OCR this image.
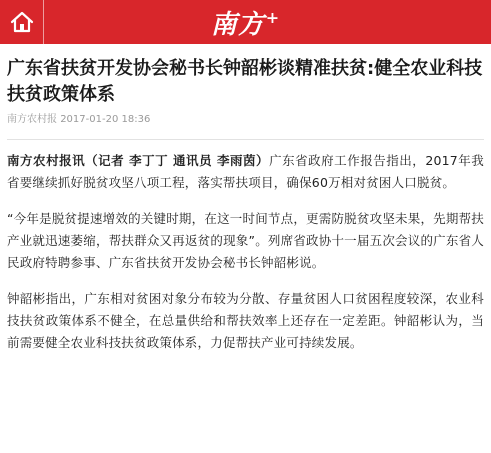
南方+
广东省扶贫开发协会秘书长钟韶彬谈精准扶贫:健全农业科技扶贫政策体系
南方农村报 2017-01-20 18:36

南方农村报讯（记者 李丁丁 通讯员 李雨茵）广东省政府工作报告指出，2017年我省要继续抓好脱贫攻坚八项工程，落实帮扶项目，确保60万相对贫困人口脱贫。

“今年是脱贫提速增效的关键时期，在这一时间节点，更需防脱贫攻坚未果，先期帮扶产业就迅速萎缩，帮扶群众又再返贫的现象”。列席省政协十一届五次会议的广东省人民政府特聘参事、广东省扶贫开发协会秘书长钟韶彬说。

钟韶彬指出，广东相对贫困对象分布较为分散、存量贫困人口贫困程度较深，农业科技扶贫政策体系不健全，在总量供给和帮扶效率上还存在一定差距。钟韶彬认为，当前需要健全农业科技扶贫政策体系，力促帮扶产业可持续发展。
